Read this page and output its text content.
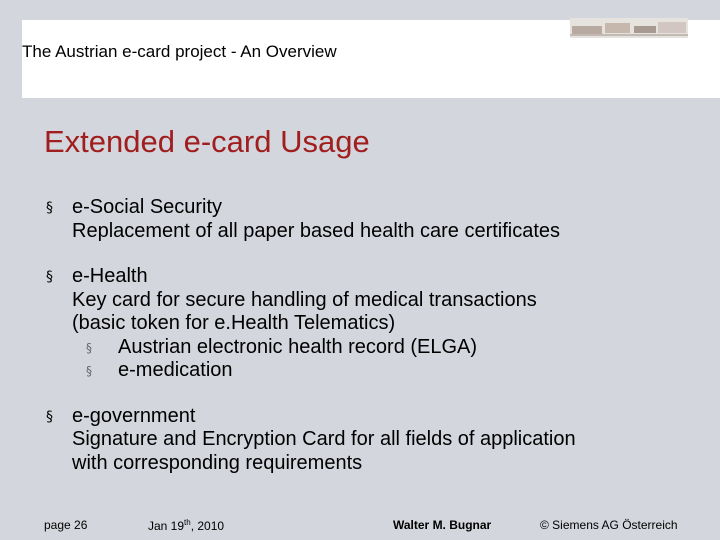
The Austrian e-card project - An Overview
Extended e-card Usage
§ e-Social Security
Replacement of all paper based health care certificates
§ e-Health
Key card for secure handling of medical transactions
(basic token for e.Health Telematics)
§ Austrian electronic health record (ELGA)
§ e-medication
§ e-government
Signature and Encryption Card for all fields of application
with corresponding requirements
page 26	Jan 19th, 2010	Walter M. Bugnar	© Siemens AG Österreich
